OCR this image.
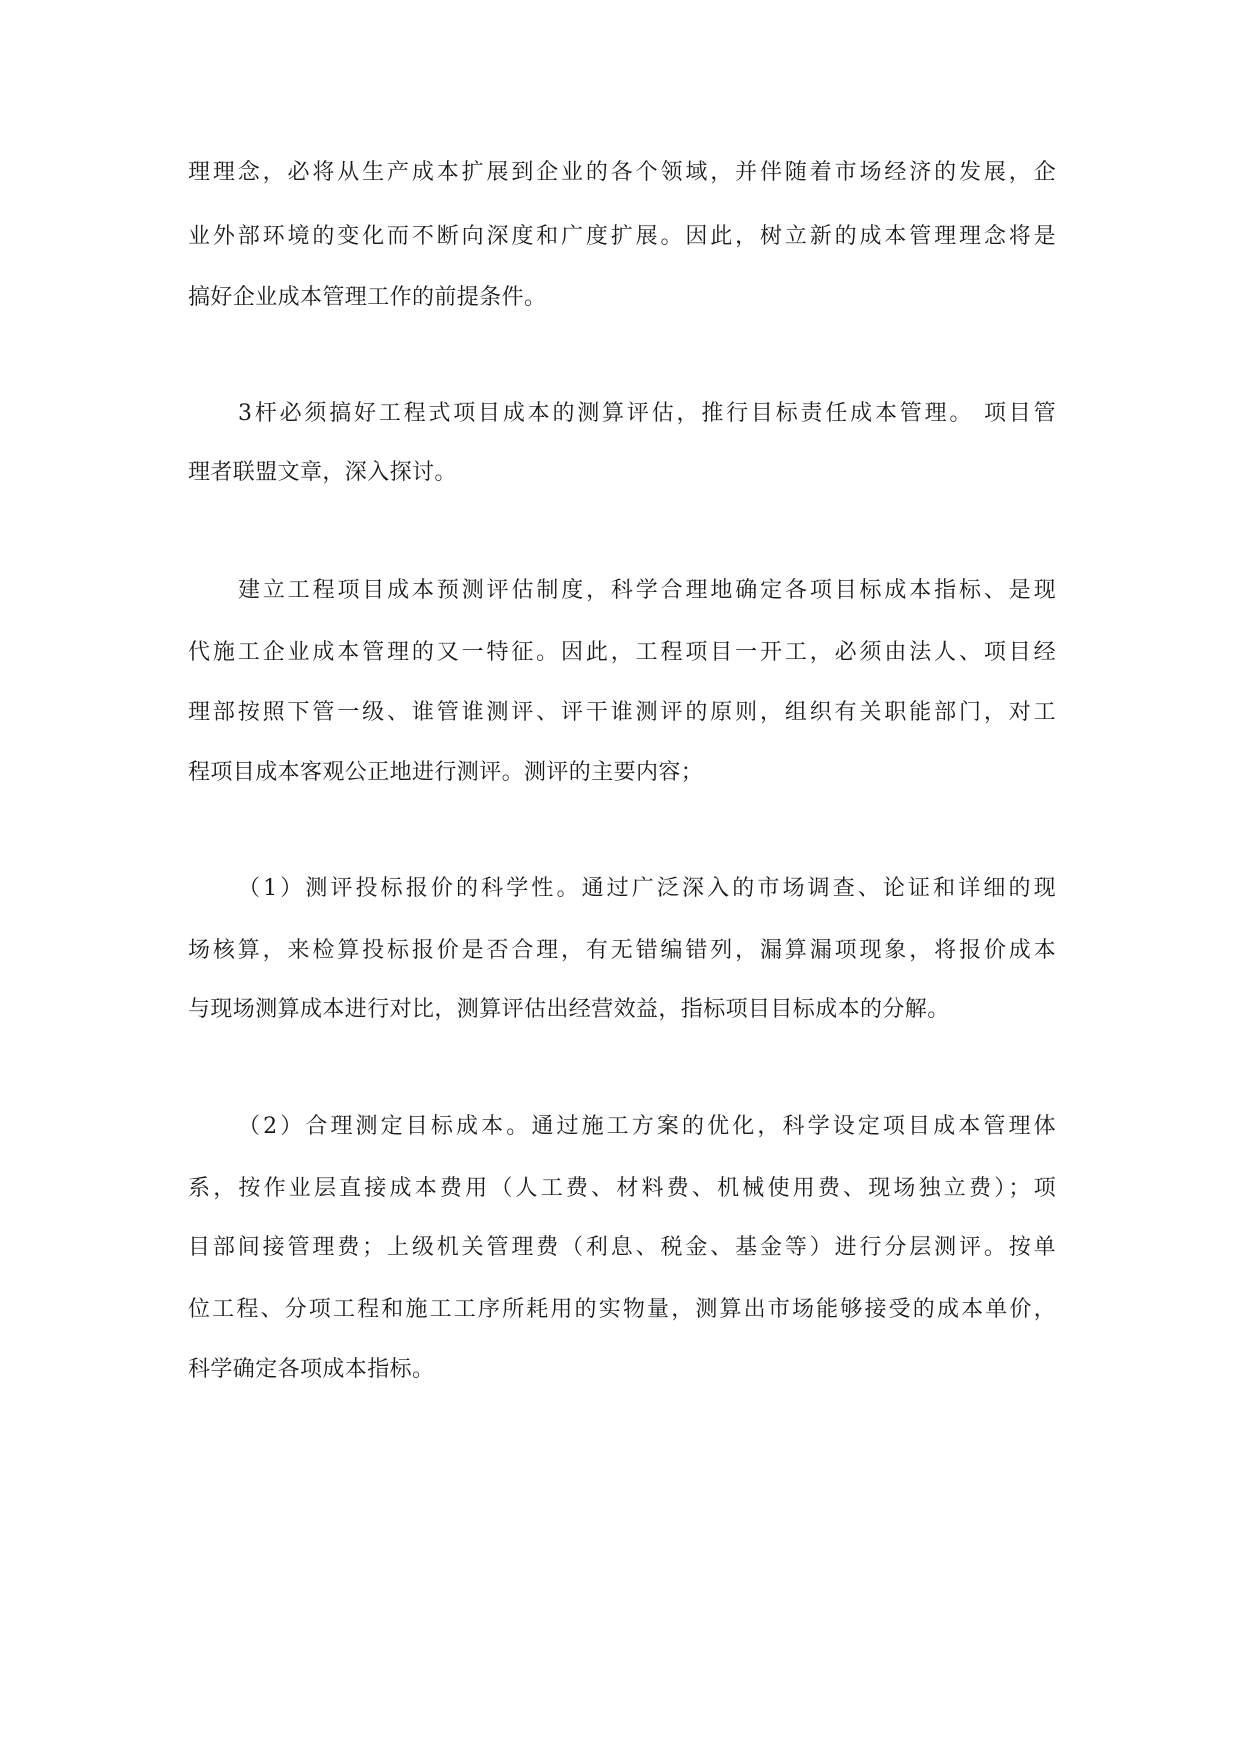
理理念，必将从生产成本扩展到企业的各个领域，并伴随着市场经济的发展，企
业外部环境的变化而不断向深度和广度扩展。因此，树立新的成本管理理念将是
搞好企业成本管理工作的前提条件。
3杆必须搞好工程式项目成本的测算评估，推行目标责任成本管理。 项目管
理者联盟文章，深入探讨。
建立工程项目成本预测评估制度，科学合理地确定各项目标成本指标、是现
代施工企业成本管理的又一特征。因此，工程项目一开工，必须由法人、项目经
理部按照下管一级、谁管谁测评、评干谁测评的原则，组织有关职能部门，对工
程项目成本客观公正地进行测评。测评的主要内容；
（1）测评投标报价的科学性。通过广泛深入的市场调查、论证和详细的现
场核算，来检算投标报价是否合理，有无错编错列，漏算漏项现象，将报价成本
与现场测算成本进行对比，测算评估出经营效益，指标项目目标成本的分解。
（2）合理测定目标成本。通过施工方案的优化，科学设定项目成本管理体
系，按作业层直接成本费用（人工费、材料费、机械使用费、现场独立费）；项
目部间接管理费；上级机关管理费（利息、税金、基金等）进行分层测评。按单
位工程、分项工程和施工工序所耗用的实物量，测算出市场能够接受的成本单价，
科学确定各项成本指标。
